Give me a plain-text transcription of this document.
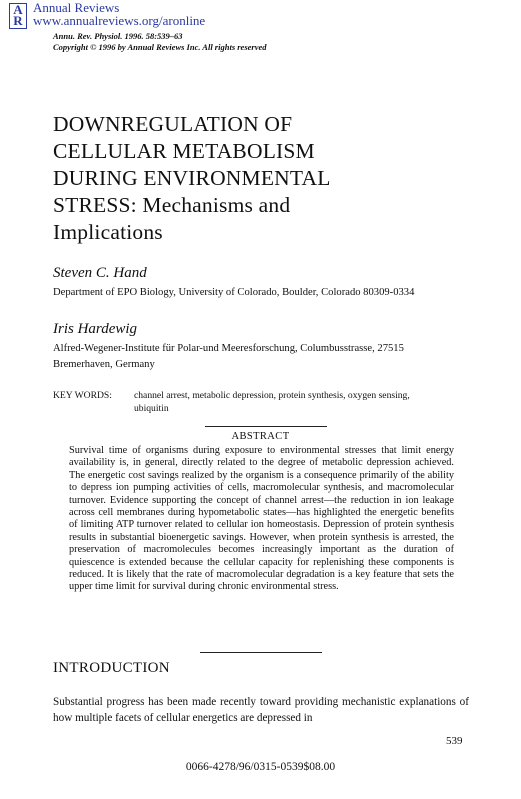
A
R
Annual Reviews
www.annualreviews.org/aronline
Annu. Rev. Physiol. 1996. 58:539–63
Copyright © 1996 by Annual Reviews Inc. All rights reserved
DOWNREGULATION OF
CELLULAR METABOLISM
DURING ENVIRONMENTAL
STRESS: Mechanisms and
Implications
Steven C. Hand
Department of EPO Biology, University of Colorado, Boulder, Colorado 80309-0334
Iris Hardewig
Alfred-Wegener-Institute für Polar-und Meeresforschung, Columbusstrasse, 27515
Bremerhaven, Germany
KEY WORDS: channel arrest, metabolic depression, protein synthesis, oxygen sensing,
ubiquitin
ABSTRACT
Survival time of organisms during exposure to environmental stresses that limit energy availability is, in general, directly related to the degree of metabolic depression achieved. The energetic cost savings realized by the organism is a consequence primarily of the ability to depress ion pumping activities of cells, macromolecular synthesis, and macromolecular turnover. Evidence supporting the concept of channel arrest—the reduction in ion leakage across cell membranes during hypometabolic states—has highlighted the energetic benefits of limiting ATP turnover related to cellular ion homeostasis. Depression of protein synthesis results in substantial bioenergetic savings. However, when protein synthesis is arrested, the preservation of macromolecules becomes increasingly important as the duration of quiescence is extended because the cellular capacity for replenishing these components is reduced. It is likely that the rate of macromolecular degradation is a key feature that sets the upper time limit for survival during chronic environmental stress.
INTRODUCTION
Substantial progress has been made recently toward providing mechanistic explanations of how multiple facets of cellular energetics are depressed in
539
0066-4278/96/0315-0539$08.00
